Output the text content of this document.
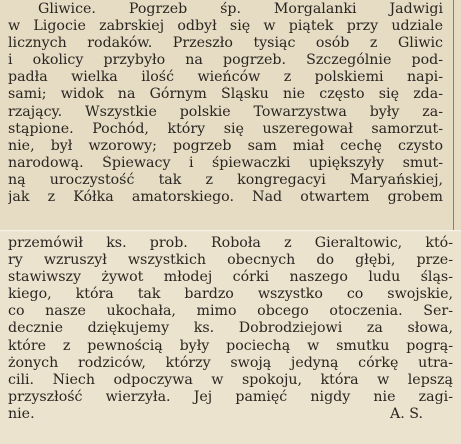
Gliwice. Pogrzeb śp. Morgalanki Jadwigi
w Ligocie zabrskiej odbył się w piątek przy udziale
licznych rodaków. Przeszło tysiąc osób z Gliwic
i okolicy przybyło na pogrzeb. Szczególnie pod-
padła wielka ilość wieńców z polskiemi napi-
sami; widok na Górnym Śląsku nie często się zda-
rzający. Wszystkie polskie Towarzystwa były za-
stąpione. Pochód, który się uszeregował samorzut-
nie, był wzorowy; pogrzeb sam miał cechę czysto
narodową. Śpiewacy i śpiewaczki upiększyły smut-
ną uroczystość tak z kongregacyi Maryańskiej,
jak z Kółka amatorskiego. Nad otwartem grobem
przemówił ks. prob. Roboła z Gieraltowic, któ-
ry wzruszył wszystkich obecnych do głębi, prze-
stawiwszy żywot młodej córki naszego ludu śląs-
kiego, która tak bardzo wszystko co swojskie,
co nasze ukochała, mimo obcego otoczenia. Ser-
decznie dziękujemy ks. Dobrodziejowi za słowa,
które z pewnością były pociechą w smutku pogrą-
żonych rodziców, którzy swoją jedyną córkę utra-
cili. Niech odpoczywa w spokoju, która w lepszą
przyszłość wierzyła. Jej pamięć nigdy nie zagi-
nie.	A. S.
